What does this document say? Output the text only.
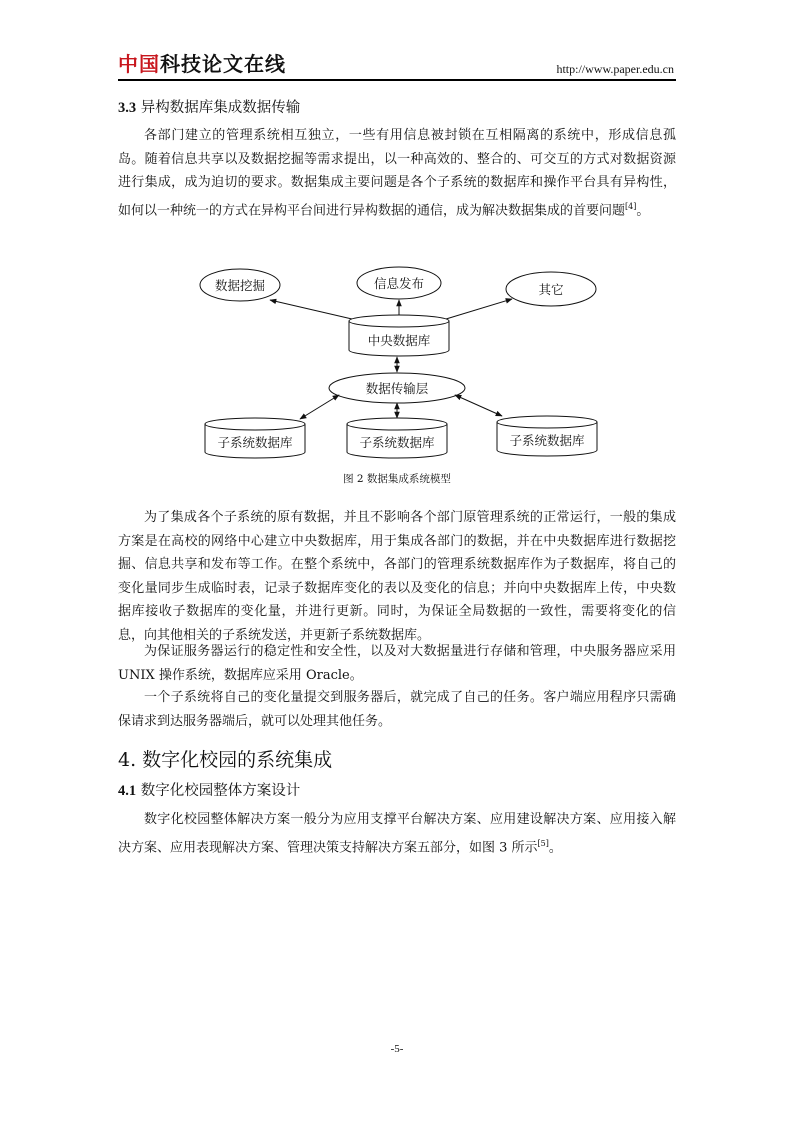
中国科技论文在线	http://www.paper.edu.cn
3.3 异构数据库集成数据传输

各部门建立的管理系统相互独立，一些有用信息被封锁在互相隔离的系统中，形成信息孤岛。随着信息共享以及数据挖掘等需求提出，以一种高效的、整合的、可交互的方式对数据资源进行集成，成为迫切的要求。数据集成主要问题是各个子系统的数据库和操作平台具有异构性，如何以一种统一的方式在异构平台间进行异构数据的通信，成为解决数据集成的首要问题[4]。

数据挖掘	信息发布	其它
中央数据库
数据传输层
子系统数据库	子系统数据库	子系统数据库
图 2 数据集成系统模型

为了集成各个子系统的原有数据，并且不影响各个部门原管理系统的正常运行，一般的集成方案是在高校的网络中心建立中央数据库，用于集成各部门的数据，并在中央数据库进行数据挖掘、信息共享和发布等工作。在整个系统中，各部门的管理系统数据库作为子数据库，将自己的变化量同步生成临时表，记录子数据库变化的表以及变化的信息；并向中央数据库上传，中央数据库接收子数据库的变化量，并进行更新。同时，为保证全局数据的一致性，需要将变化的信息，向其他相关的子系统发送，并更新子系统数据库。

为保证服务器运行的稳定性和安全性，以及对大数据量进行存储和管理，中央服务器应采用 UNIX 操作系统，数据库应采用 Oracle。

一个子系统将自己的变化量提交到服务器后，就完成了自己的任务。客户端应用程序只需确保请求到达服务器端后，就可以处理其他任务。

4. 数字化校园的系统集成
4.1 数字化校园整体方案设计

数字化校园整体解决方案一般分为应用支撑平台解决方案、应用建设解决方案、应用接入解决方案、应用表现解决方案、管理决策支持解决方案五部分，如图 3 所示[5]。

-5-
